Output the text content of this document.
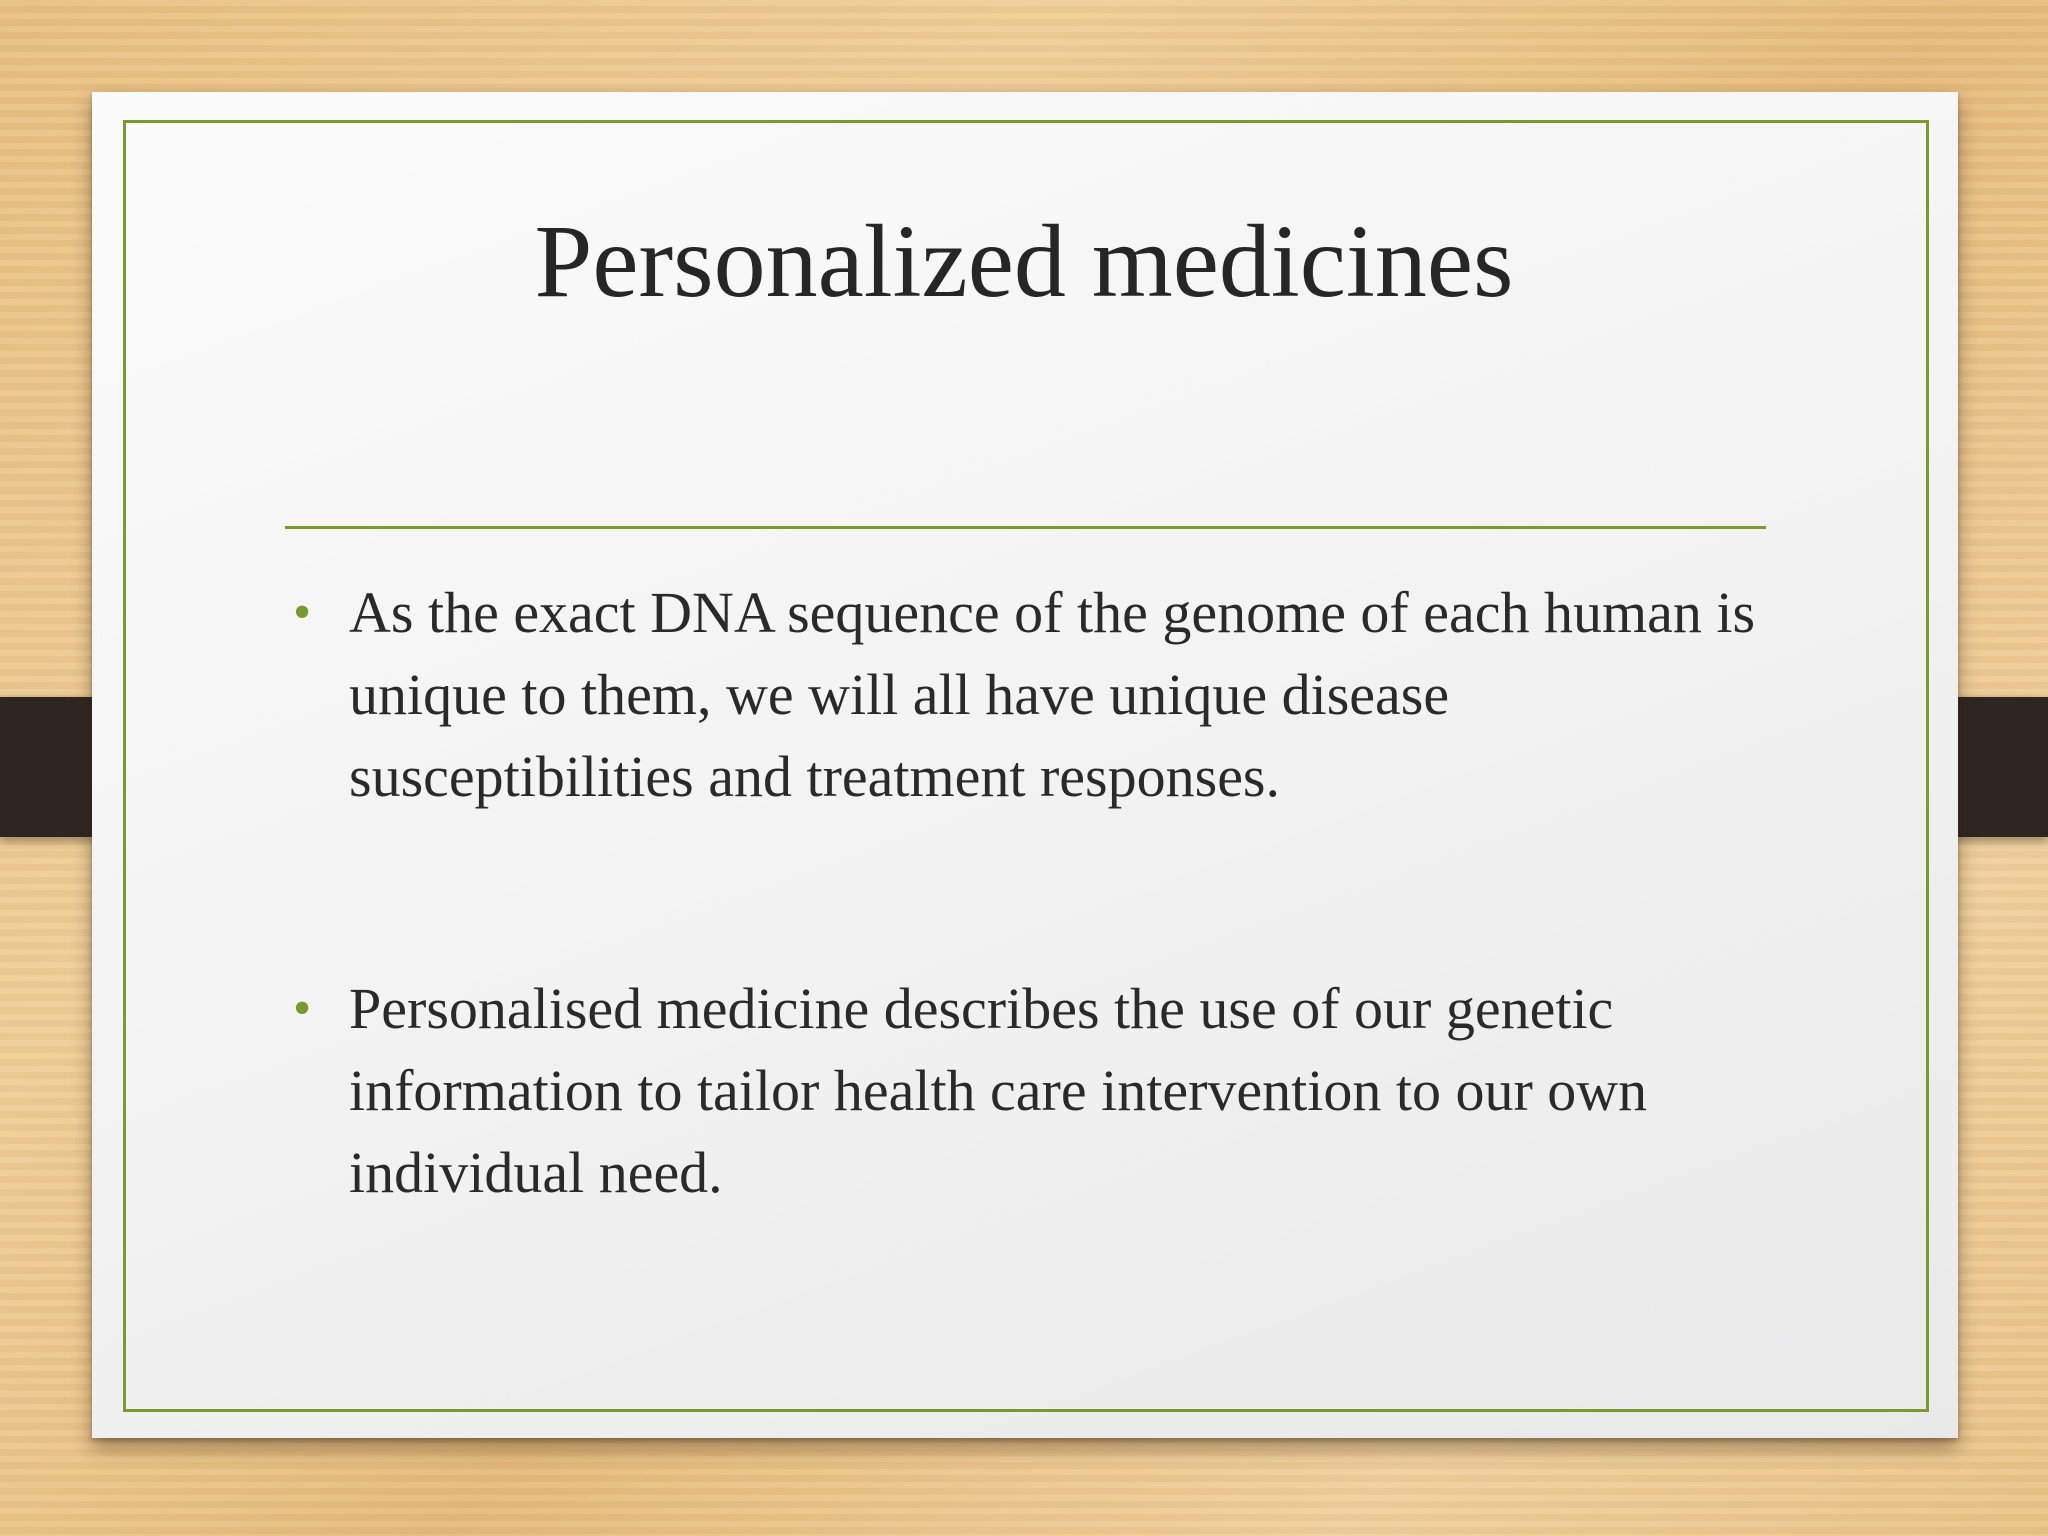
Personalized medicines
• As the exact DNA sequence of the genome of each human is unique to them, we will all have unique disease susceptibilities and treatment responses.
• Personalised medicine describes the use of our genetic information to tailor health care intervention to our own individual need.
